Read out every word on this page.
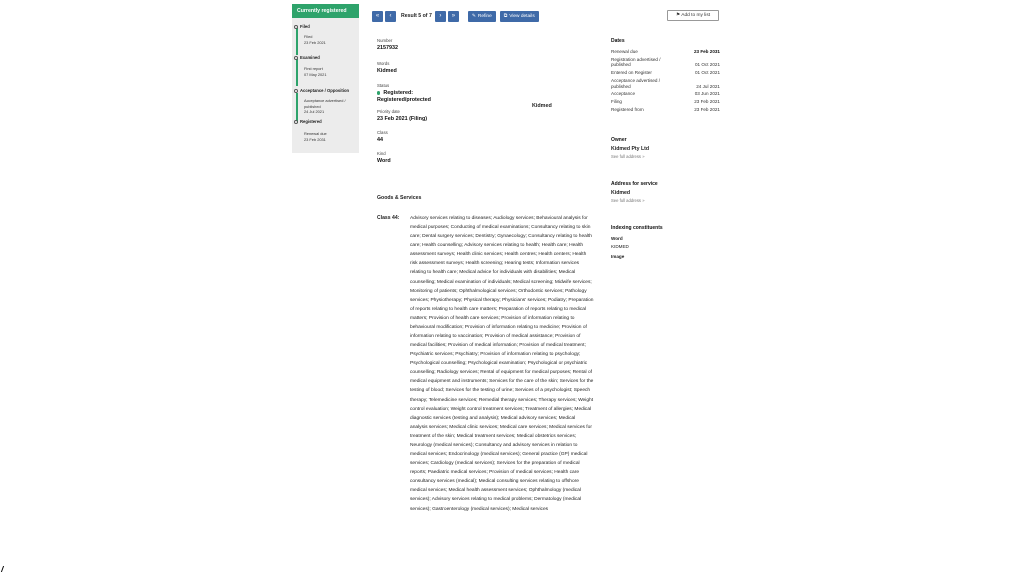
Currently registered
Filed
Filed
23 Feb 2021
Examined
First report
07 May 2021
Acceptance / Opposition
Acceptance advertised /
published
24 Jul 2021
Registered
Renewal due
23 Feb 2031
«	‹	Result 5 of 7	›	»	✎ Refine	⧉ View details	⚑ Add to my list
Number
2157932
Words
Kidmed
Status
Registered:
Registered/protected
Priority date
23 Feb 2021 (Filing)
Class
44
Kind
Word
Kidmed
Goods & Services
Class 44: Advisory services relating to diseases; Audiology services; Behavioural analysis for medical purposes; Conducting of medical examinations; Consultancy relating to skin care; Dental surgery services; Dentistry; Gynaecology; Consultancy relating to health care; Health counselling; Advisory services relating to health; Health care; Health assessment surveys; Health clinic services; Health centres; Health centers; Health risk assessment surveys; Health screening; Hearing tests; Information services relating to health care; Medical advice for individuals with disabilities; Medical counselling; Medical examination of individuals; Medical screening; Midwife services; Monitoring of patients; Ophthalmological services; Orthodontic services; Pathology services; Physiotherapy; Physical therapy; Physicians' services; Podiatry; Preparation of reports relating to health care matters; Preparation of reports relating to medical matters; Provision of health care services; Provision of information relating to behavioural modification; Provision of information relating to medicine; Provision of information relating to vaccination; Provision of medical assistance; Provision of medical facilities; Provision of medical information; Provision of medical treatment; Psychiatric services; Psychiatry; Provision of information relating to psychology; Psychological counselling; Psychological examination; Psychological or psychiatric counselling; Radiology services; Rental of equipment for medical purposes; Rental of medical equipment and instruments; Services for the care of the skin; Services for the testing of blood; Services for the testing of urine; Services of a psychologist; Speech therapy; Telemedicine services; Remedial therapy services; Therapy services; Weight control evaluation; Weight control treatment services; Treatment of allergies; Medical diagnostic services (testing and analysis); Medical advisory services; Medical analysis services; Medical clinic services; Medical care services; Medical services for treatment of the skin; Medical treatment services; Medical obstetrics services; Neurology (medical services); Consultancy and advisory services in relation to medical services; Endocrinology (medical services); General practice (GP) medical services; Cardiology (medical services); Services for the preparation of medical reports; Paediatric medical services; Provision of medical services; Health care consultancy services (medical); Medical consulting services relating to offshore medical services; Medical health assessment services; Ophthalmology (medical services); Advisory services relating to medical problems; Dermatology (medical services); Gastroenterology (medical services); Medical services
Dates
Renewal due	23 Feb 2031
Registration advertised / published	01 Oct 2021
Entered on Register	01 Oct 2021
Acceptance advertised / published	24 Jul 2021
Acceptance	03 Jun 2021
Filing	23 Feb 2021
Registered from	23 Feb 2021
Owner
Kidmed Pty Ltd
See full address »
Address for service
Kidmed
See full address »
Indexing constituents
Word
KIDMED
Image
